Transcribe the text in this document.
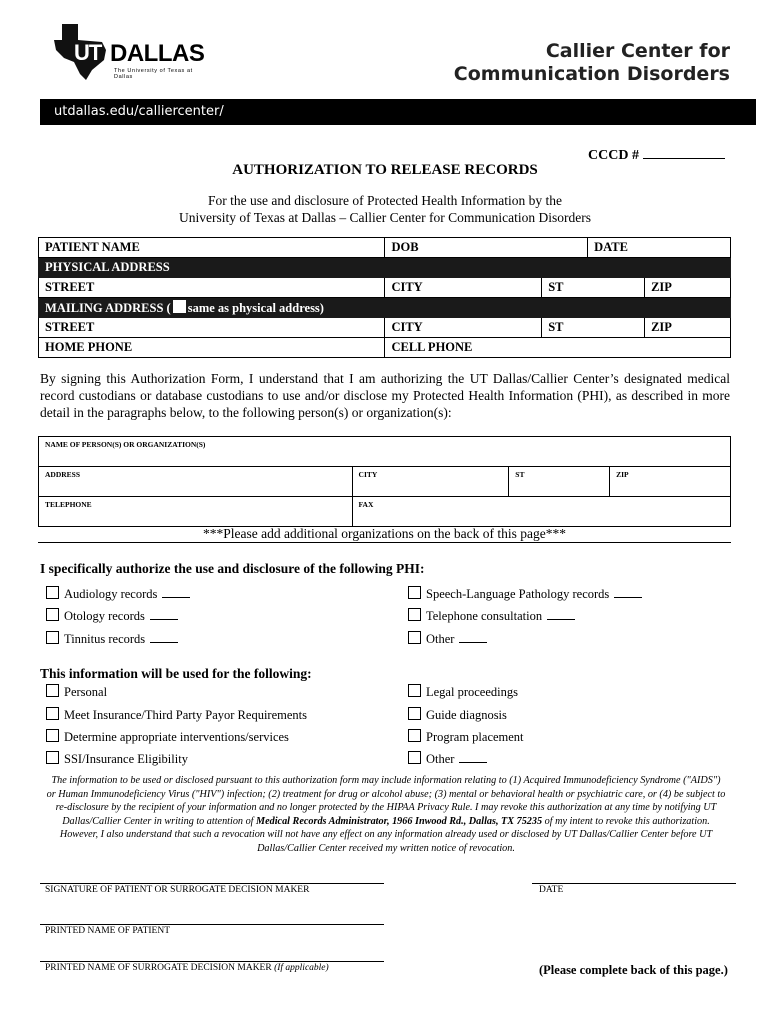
UT DALLAS
The University of Texas at Dallas
Callier Center for
Communication Disorders
utdallas.edu/calliercenter/
CCCD #
AUTHORIZATION TO RELEASE RECORDS
For the use and disclosure of Protected Health Information by the
University of Texas at Dallas – Callier Center for Communication Disorders
PATIENT NAME	DOB		DATE	
PHYSICAL ADDRESS				
STREET	CITY	ST		ZIP
MAILING ADDRESS ( same as physical address)				
STREET	CITY	ST		ZIP
HOME PHONE	CELL PHONE			
By signing this Authorization Form, I understand that I am authorizing the UT Dallas/Callier Center’s designated medical record custodians or database custodians to use and/or disclose my Protected Health Information (PHI), as described in more detail in the paragraphs below, to the following person(s) or organization(s):
NAME OF PERSON(S) OR ORGANIZATION(S)			
ADDRESS	CITY	ST	ZIP
TELEPHONE	FAX		
***Please add additional organizations on the back of this page***
I specifically authorize the use and disclosure of the following PHI:
Audiology records
Otology records
Tinnitus records
Speech-Language Pathology records
Telephone consultation
Other
This information will be used for the following:
Personal
Meet Insurance/Third Party Payor Requirements
Determine appropriate interventions/services
SSI/Insurance Eligibility
Legal proceedings
Guide diagnosis
Program placement
Other
The information to be used or disclosed pursuant to this authorization form may include information relating to (1) Acquired Immunodeficiency Syndrome ("AIDS") or Human Immunodeficiency Virus ("HIV") infection; (2) treatment for drug or alcohol abuse; (3) mental or behavioral health or psychiatric care, or (4) be subject to re-disclosure by the recipient of your information and no longer protected by the HIPAA Privacy Rule. I may revoke this authorization at any time by notifying UT Dallas/Callier Center in writing to attention of Medical Records Administrator, 1966 Inwood Rd., Dallas, TX 75235 of my intent to revoke this authorization. However, I also understand that such a revocation will not have any effect on any information already used or disclosed by UT Dallas/Callier Center before UT Dallas/Callier Center received my written notice of revocation.
SIGNATURE OF PATIENT OR SURROGATE DECISION MAKER	DATE
PRINTED NAME OF PATIENT
PRINTED NAME OF SURROGATE DECISION MAKER (If applicable)	(Please complete back of this page.)
